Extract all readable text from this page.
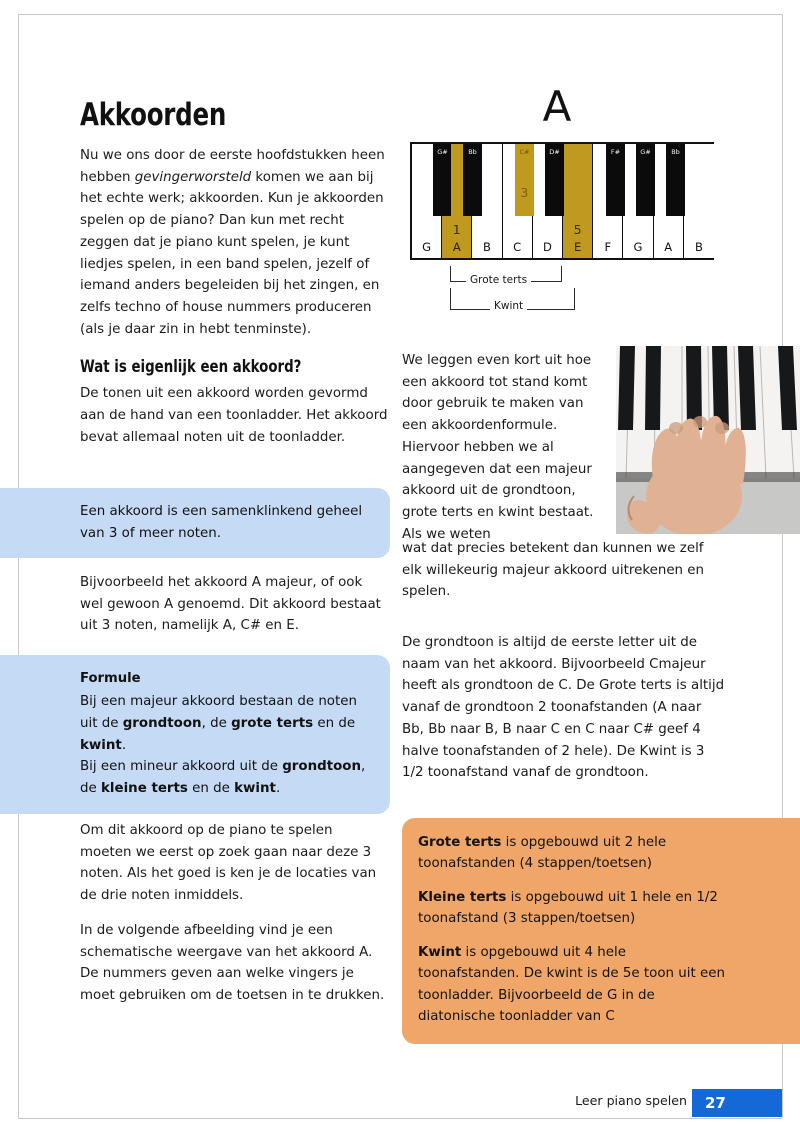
Akkoorden

Nu we ons door de eerste hoofdstukken heen hebben gevingerworsteld komen we aan bij het echte werk; akkoorden. Kun je akkoorden spelen op de piano? Dan kun met recht zeggen dat je piano kunt spelen, je kunt liedjes spelen, in een band spelen, jezelf of iemand anders begeleiden bij het zingen, en zelfs techno of house nummers produceren (als je daar zin in hebt tenminste).

Wat is eigenlijk een akkoord?

De tonen uit een akkoord worden gevormd aan de hand van een toonladder. Het akkoord bevat allemaal noten uit de toonladder.

Een akkoord is een samenklinkend geheel van 3 of meer noten.

Bijvoorbeeld het akkoord A majeur, of ook wel gewoon A genoemd. Dit akkoord bestaat uit 3 noten, namelijk A, C# en E.

Formule
Bij een majeur akkoord bestaan de noten uit de grondtoon, de grote terts en de kwint.
Bij een mineur akkoord uit de grondtoon, de kleine terts en de kwint.

Om dit akkoord op de piano te spelen moeten we eerst op zoek gaan naar deze 3 noten. Als het goed is ken je de locaties van de drie noten inmiddels.

In de volgende afbeelding vind je een schematische weergave van het akkoord A. De nummers geven aan welke vingers je moet gebruiken om de toetsen in te drukken.

A
G
1
A B C D
5
E F G A B
G#	Bb	C#
3
D#	F#	G#	Bb
Grote terts
Kwint
We leggen even kort uit hoe een akkoord tot stand komt door gebruik te maken van een akkoordenformule. Hiervoor hebben we al aangegeven dat een majeur akkoord uit de grondtoon, grote terts en kwint bestaat. Als we weten
wat dat precies betekent dan kunnen we zelf elk willekeurig majeur akkoord uitrekenen en spelen.
De grondtoon is altijd de eerste letter uit de naam van het akkoord. Bijvoorbeeld Cmajeur heeft als grondtoon de C. De Grote terts is altijd vanaf de grondtoon 2 toonafstanden (A naar Bb, Bb naar B, B naar C en C naar C# geef 4 halve toonafstanden of 2 hele). De Kwint is 3 1/2 toonafstand vanaf de grondtoon.

Grote terts is opgebouwd uit 2 hele toonafstanden (4 stappen/toetsen)

Kleine terts is opgebouwd uit 1 hele en 1/2 toonafstand (3 stappen/toetsen)

Kwint is opgebouwd uit 4 hele toonafstanden. De kwint is de 5e toon uit een toonladder. Bijvoorbeeld de G in de diatonische toonladder van C

Leer piano spelen	27
